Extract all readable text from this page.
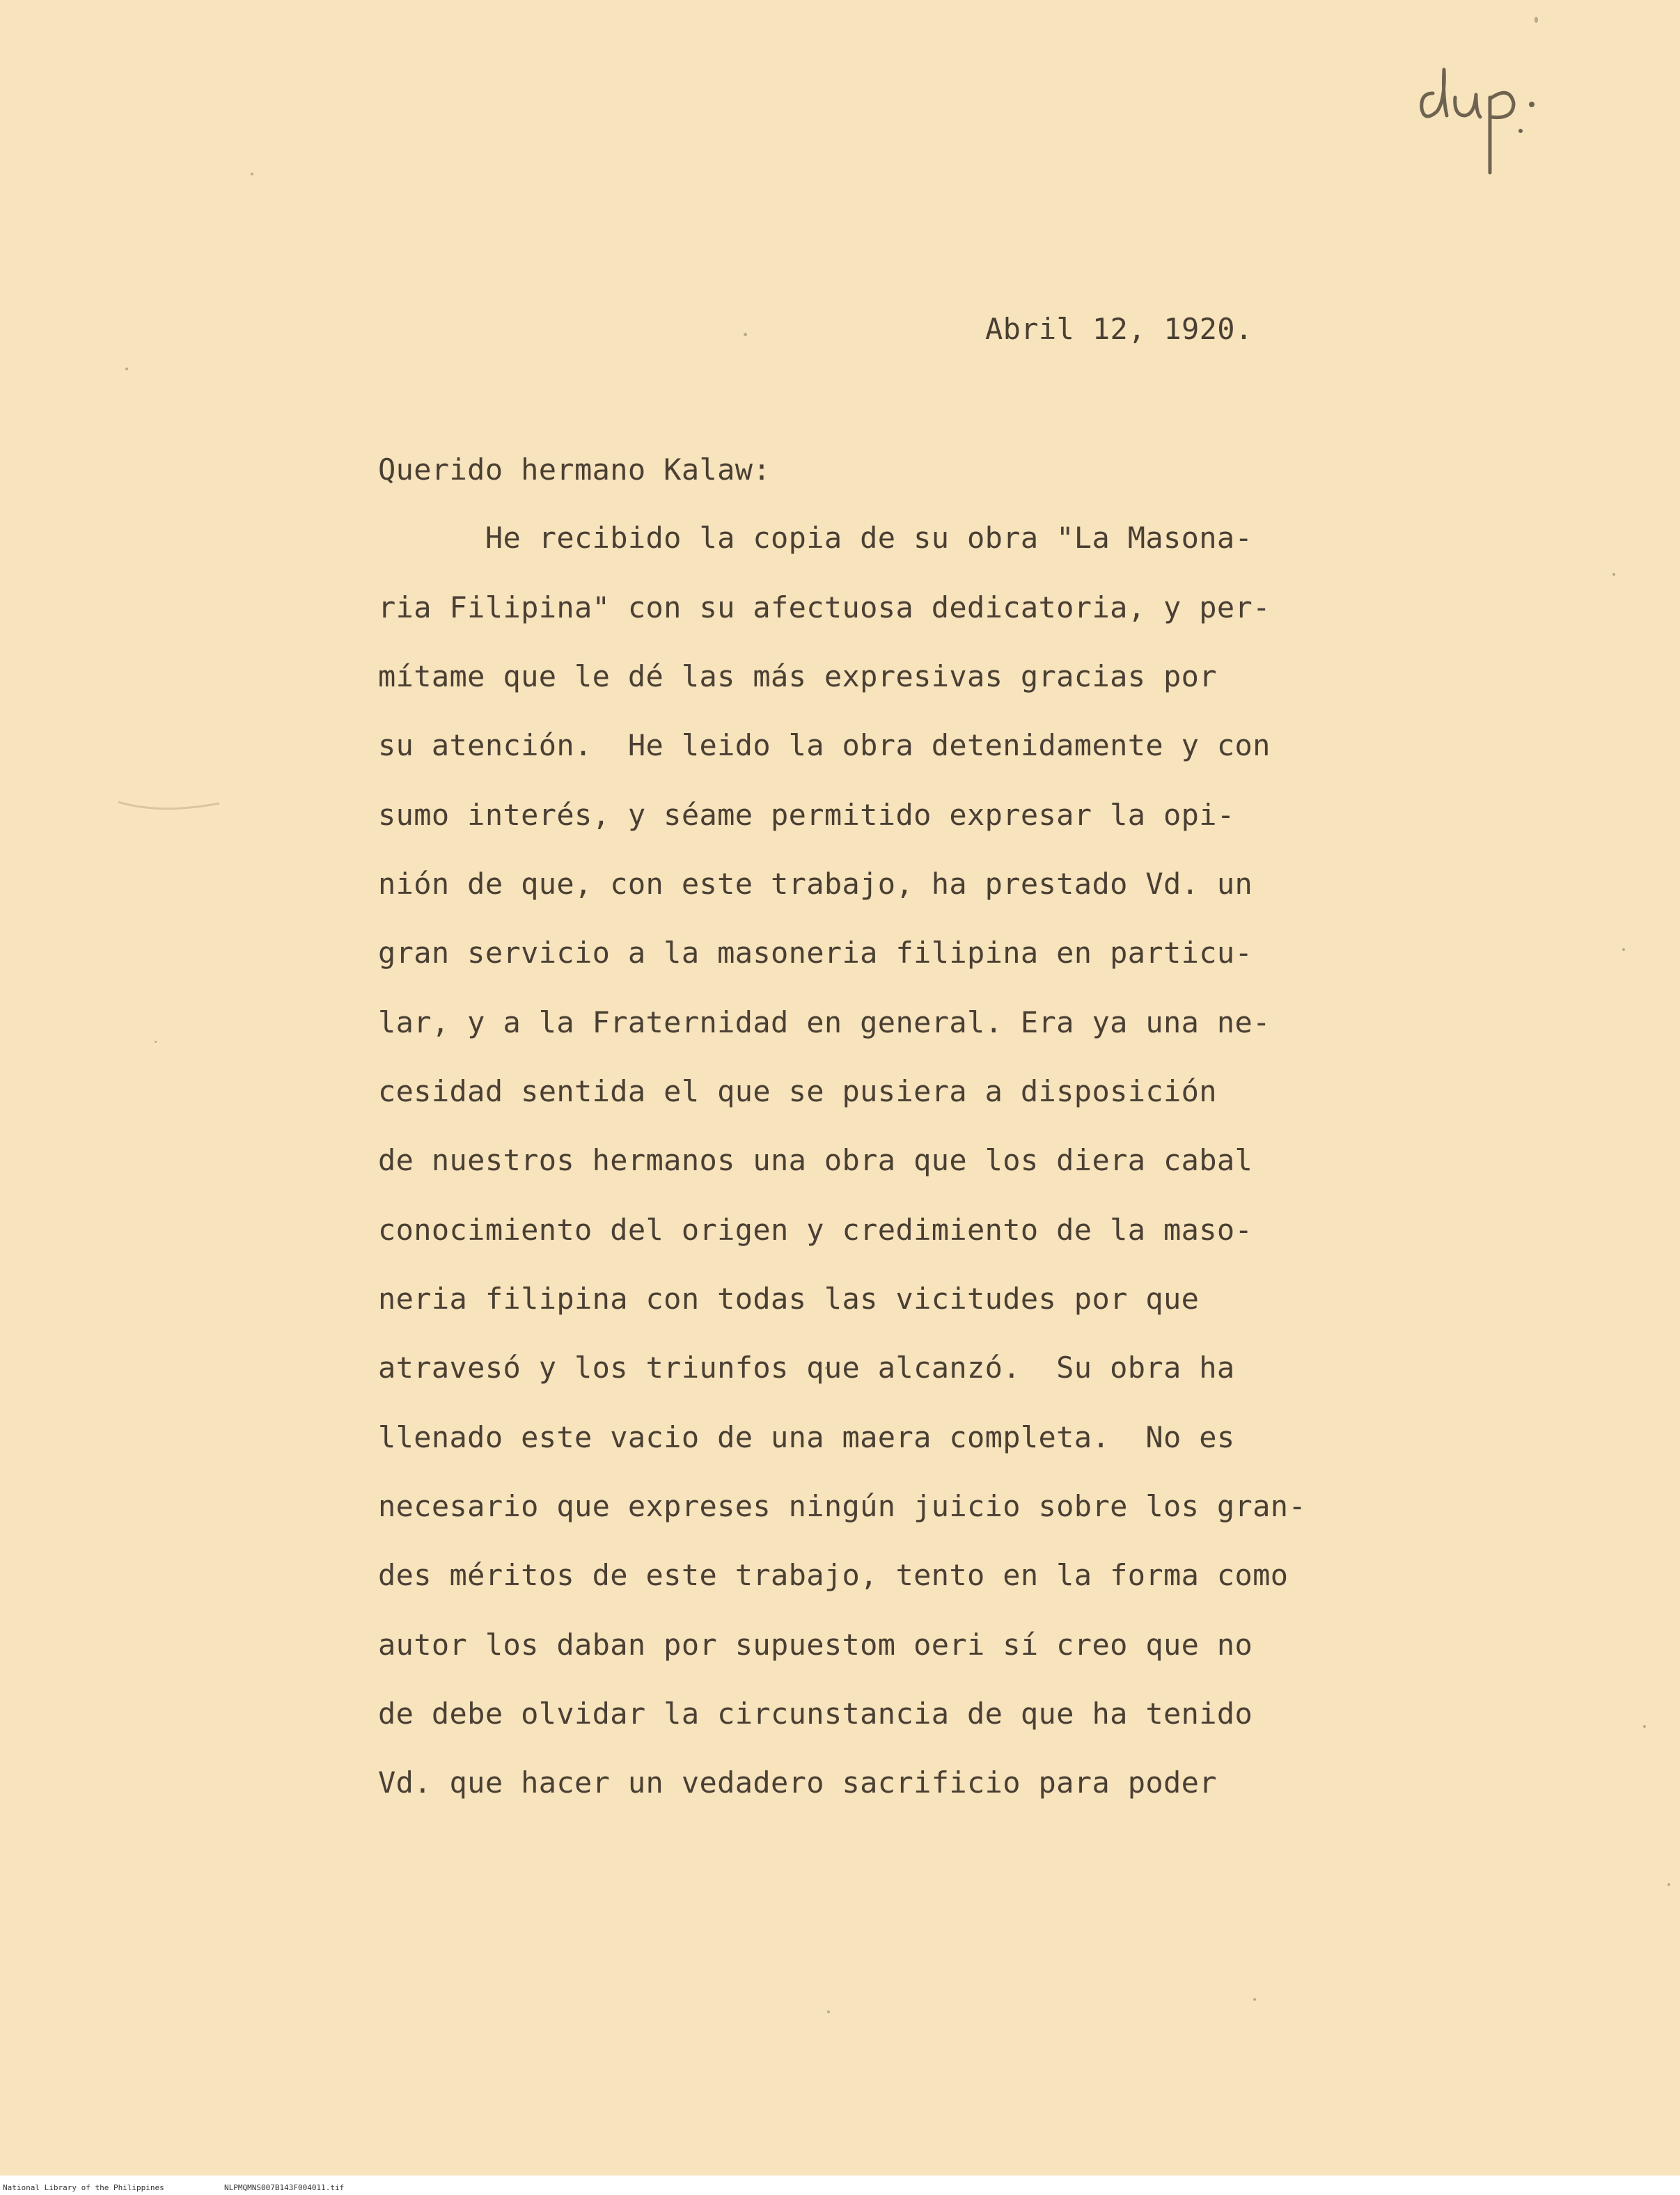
Abril 12, 1920.
Querido hermano Kalaw:
He recibido la copia de su obra "La Masona-
ria Filipina" con su afectuosa dedicatoria, y per-
mítame que le dé las más expresivas gracias por
su atención.  He leido la obra detenidamente y con
sumo interés, y séame permitido expresar la opi-
nión de que, con este trabajo, ha prestado Vd. un
gran servicio a la masoneria filipina en particu-
lar, y a la Fraternidad en general. Era ya una ne-
cesidad sentida el que se pusiera a disposición
de nuestros hermanos una obra que los diera cabal
conocimiento del origen y credimiento de la maso-
neria filipina con todas las vicitudes por que
atravesó y los triunfos que alcanzó.  Su obra ha
llenado este vacio de una maera completa.  No es
necesario que expreses ningún juicio sobre los gran-
des méritos de este trabajo, tento en la forma como
autor los daban por supuestom oeri sí creo que no
de debe olvidar la circunstancia de que ha tenido
Vd. que hacer un vedadero sacrificio para poder
National Library of the Philippines	NLPMQMNS007B143F004011.tif
